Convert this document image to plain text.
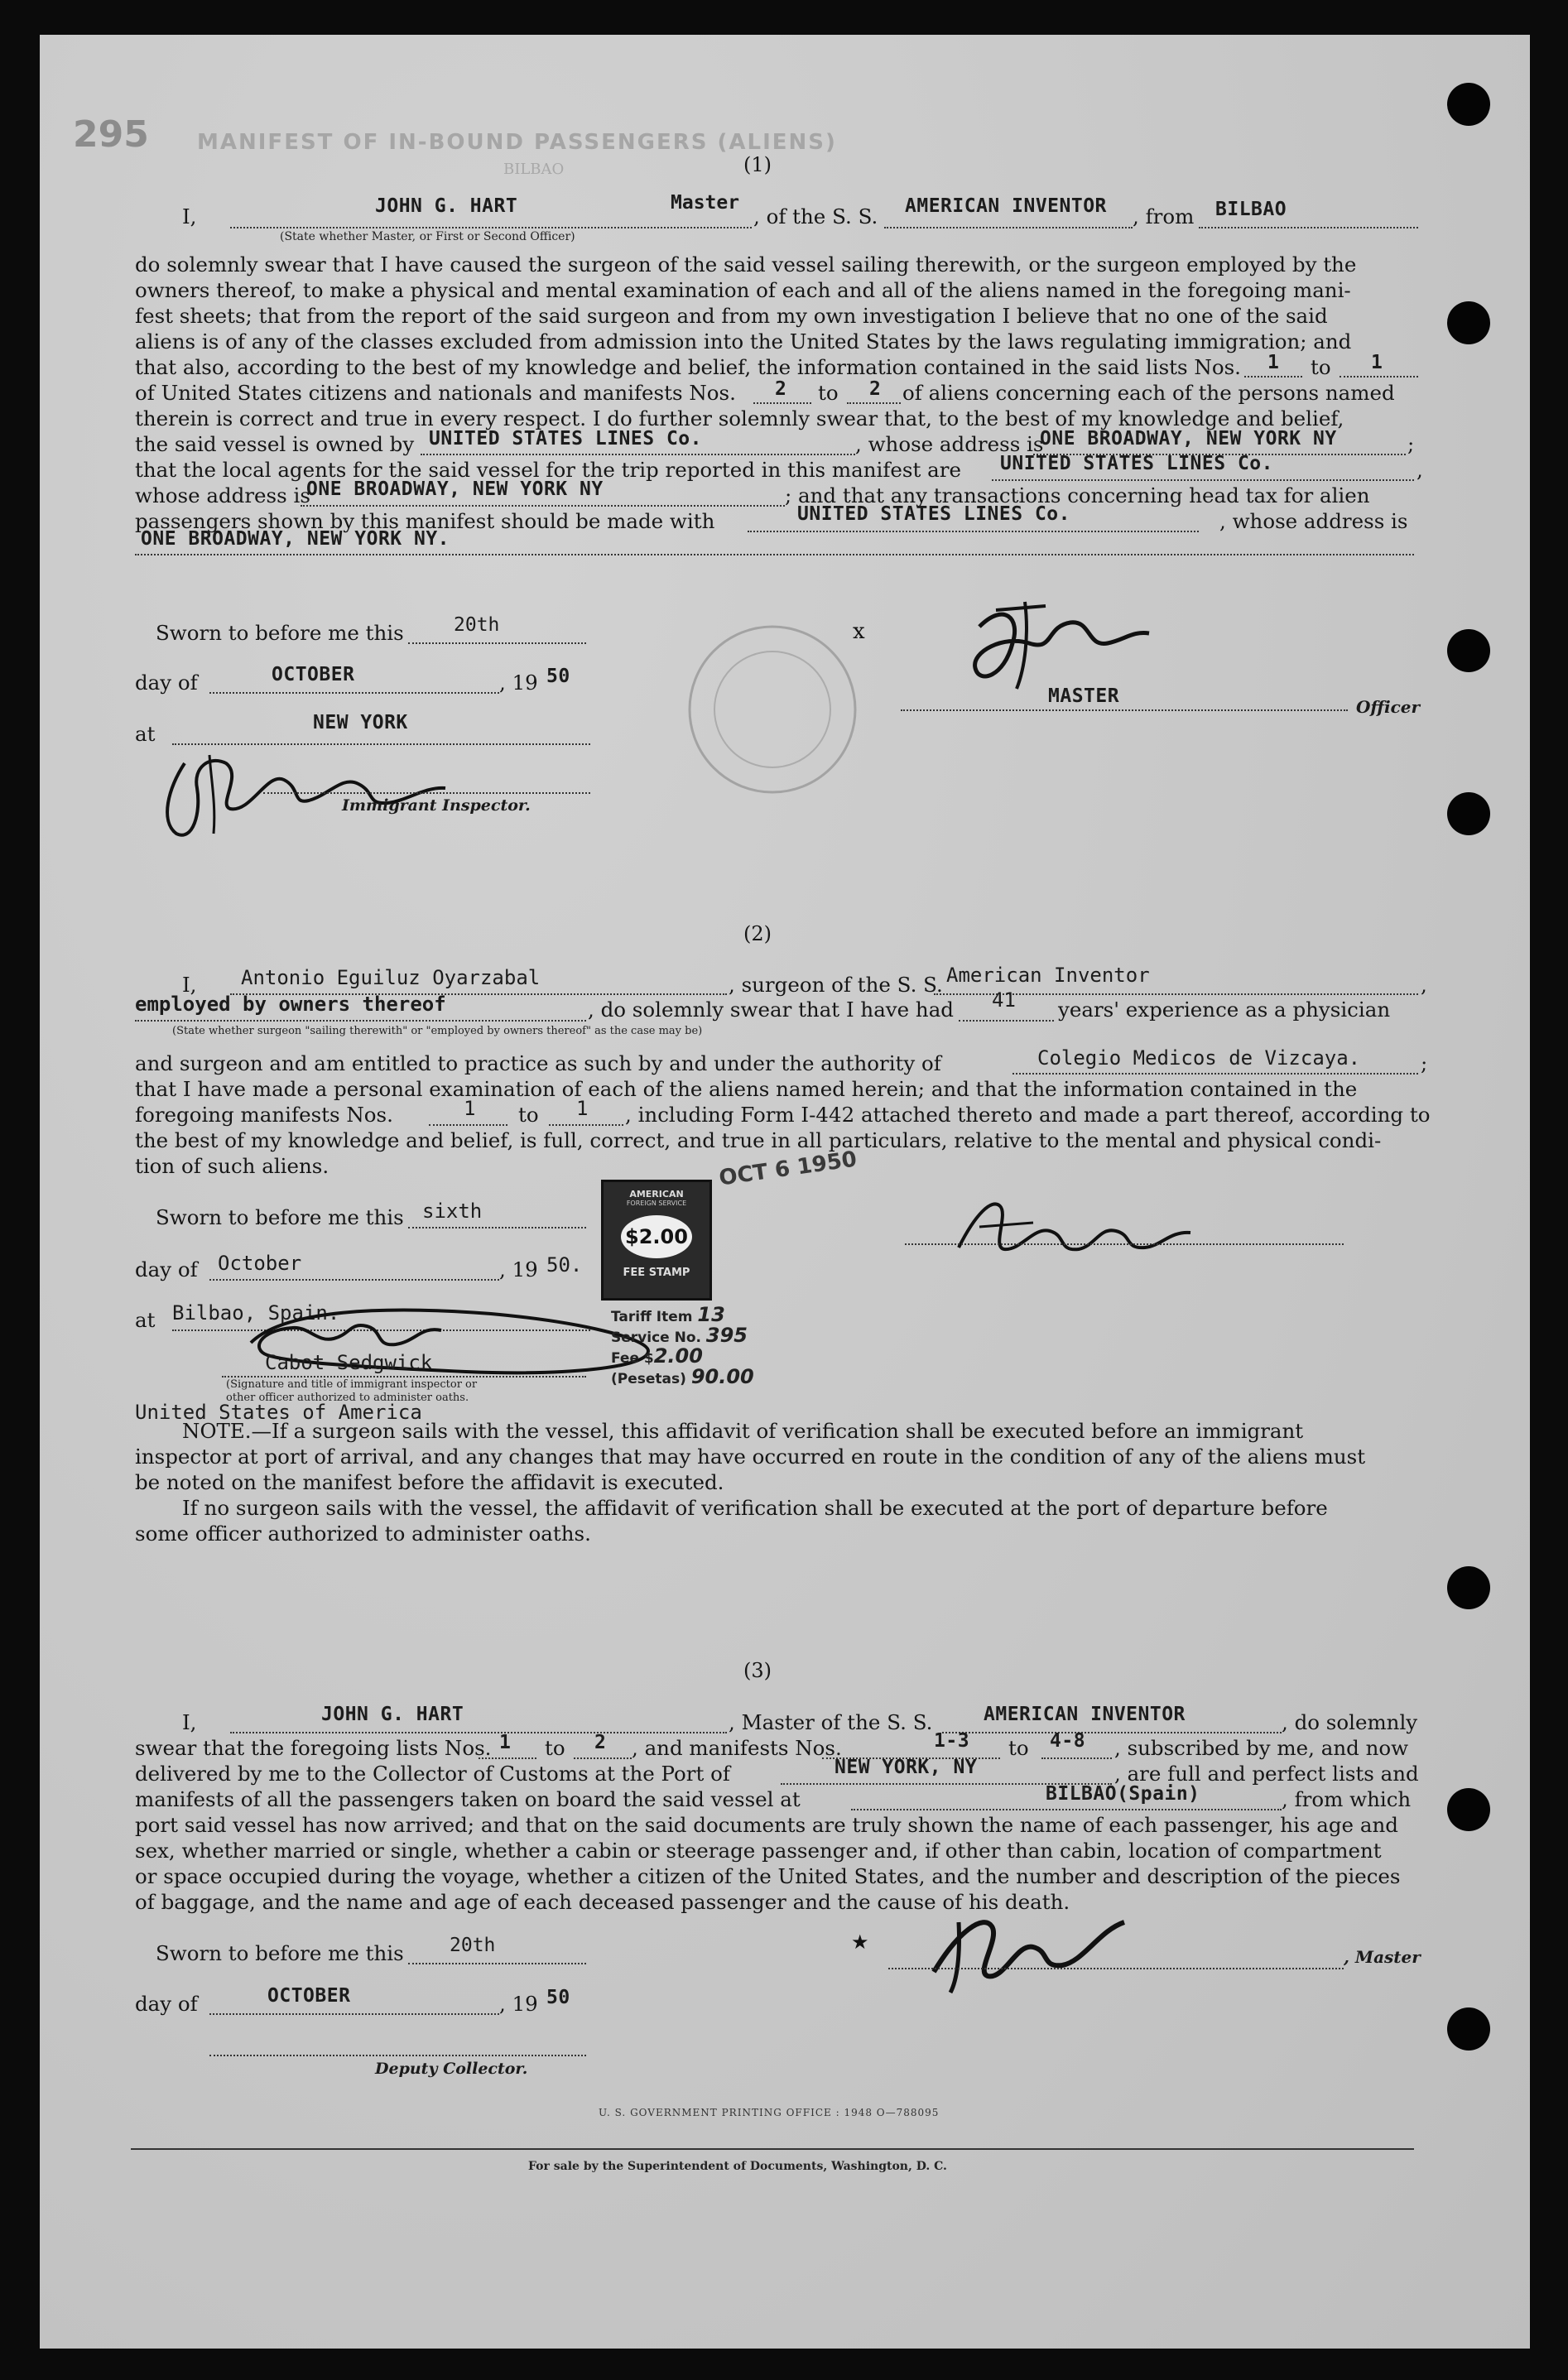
295 MANIFEST OF IN-BOUND PASSENGERS (ALIENS)
BILBAO	(1)
I,	JOHN G. HART	Master
, of the S. S. AMERICAN INVENTOR , from BILBAO
(State whether Master, or First or Second Officer)
do solemnly swear that I have caused the surgeon of the said vessel sailing therewith, or the surgeon employed by the
owners thereof, to make a physical and mental examination of each and all of the aliens named in the foregoing mani-
fest sheets; that from the report of the said surgeon and from my own investigation I believe that no one of the said
aliens is of any of the classes excluded from admission into the United States by the laws regulating immigration; and
that also, according to the best of my knowledge and belief, the information contained in the said lists Nos. 1 to 1
of United States citizens and nationals and manifests Nos. 2 to 2 of aliens concerning each of the persons named
therein is correct and true in every respect. I do further solemnly swear that, to the best of my knowledge and belief,
the said vessel is owned by UNITED STATES LINES Co.	, whose address is
ONE BROADWAY, NEW YORK NY	;
that the local agents for the said vessel for the trip reported in this manifest are UNITED STATES LINES Co.	,
whose address is
ONE BROADWAY, NEW YORK NY	; and that any transactions concerning head tax for alien
passengers shown by this manifest should be made with	UNITED STATES LINES Co.	, whose address is
ONE BROADWAY, NEW YORK NY.
Sworn to before me this	20th
day of	OCTOBER	, 19 50
at	NEW YORK
Immigrant Inspector.

x
MASTER	Officer
(2)
I, Antonio Eguiluz Oyarzabal	, surgeon of the S. S. American Inventor	,
employed by owners thereof	, do solemnly swear that I have had 41 years' experience as a physician
(State whether surgeon "sailing therewith" or "employed by owners thereof" as the case may be)
and surgeon and am entitled to practice as such by and under the authority of	Colegio Medicos de Vizcaya.	;
that I have made a personal examination of each of the aliens named herein; and that the information contained in the
foregoing manifests Nos.	1 to 1 , including Form I-442 attached thereto and made a part thereof, according to
the best of my knowledge and belief, is full, correct, and true in all particulars, relative to the mental and physical condi-
tion of such aliens.
Sworn to before me this sixth
day of October	, 19 50.
at Bilbao, Spain.
Cabot Sedgwick
(Signature and title of immigrant inspector or
other officer authorized to administer oaths.
United States of America
AMERICAN
FOREIGN SERVICE
$2.00
FEE STAMP
OCT 6 1950
Tariff Item 13
Service No. 395
Fee $2.00
(Pesetas) 90.00
NOTE.—If a surgeon sails with the vessel, this affidavit of verification shall be executed before an immigrant
inspector at port of arrival, and any changes that may have occurred en route in the condition of any of the aliens must
be noted on the manifest before the affidavit is executed.
If no surgeon sails with the vessel, the affidavit of verification shall be executed at the port of departure before
some officer authorized to administer oaths.
(3)
I,	JOHN G. HART	, Master of the S. S.	AMERICAN INVENTOR	, do solemnly
swear that the foregoing lists Nos. 1 to 2 , and manifests Nos.	1-3 to 4-8 , subscribed by me, and now
delivered by me to the Collector of Customs at the Port of	NEW YORK, NY	, are full and perfect lists and
manifests of all the passengers taken on board the said vessel at	BILBAO(Spain)	, from which
port said vessel has now arrived; and that on the said documents are truly shown the name of each passenger, his age and
sex, whether married or single, whether a cabin or steerage passenger and, if other than cabin, location of compartment
or space occupied during the voyage, whether a citizen of the United States, and the number and description of the pieces
of baggage, and the name and age of each deceased passenger and the cause of his death.
Sworn to before me this 20th
day of	OCTOBER	, 19 50
Deputy Collector.
★
, Master
U. S. GOVERNMENT PRINTING OFFICE : 1948 O—788095
For sale by the Superintendent of Documents, Washington, D. C.
